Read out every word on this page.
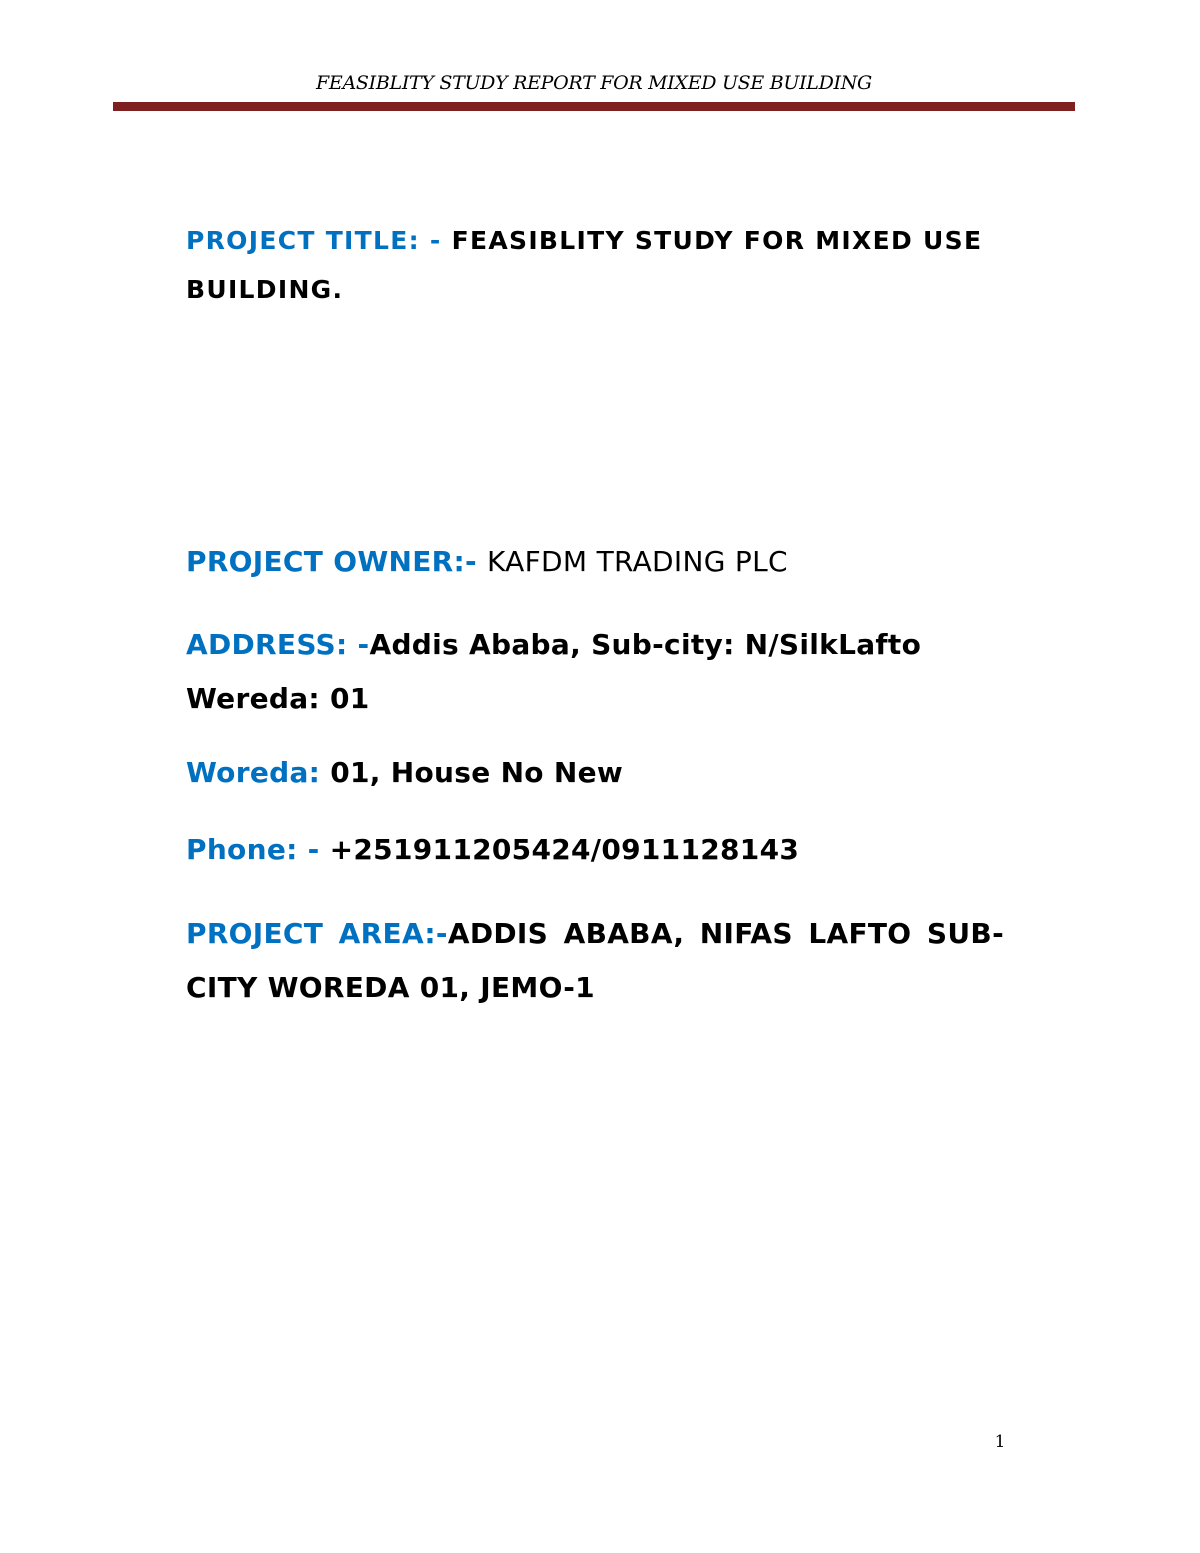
FEASIBLITY STUDY REPORT FOR MIXED USE BUILDING
PROJECT TITLE: - FEASIBLITY STUDY FOR MIXED USE BUILDING.
PROJECT OWNER:- KAFDM TRADING PLC
ADDRESS: -Addis Ababa, Sub-city: N/SilkLafto Wereda: 01
Woreda: 01, House No New
Phone: - +251911205424/0911128143
PROJECT AREA:-ADDIS ABABA, NIFAS LAFTO SUB-CITY WOREDA 01, JEMO-1
1
